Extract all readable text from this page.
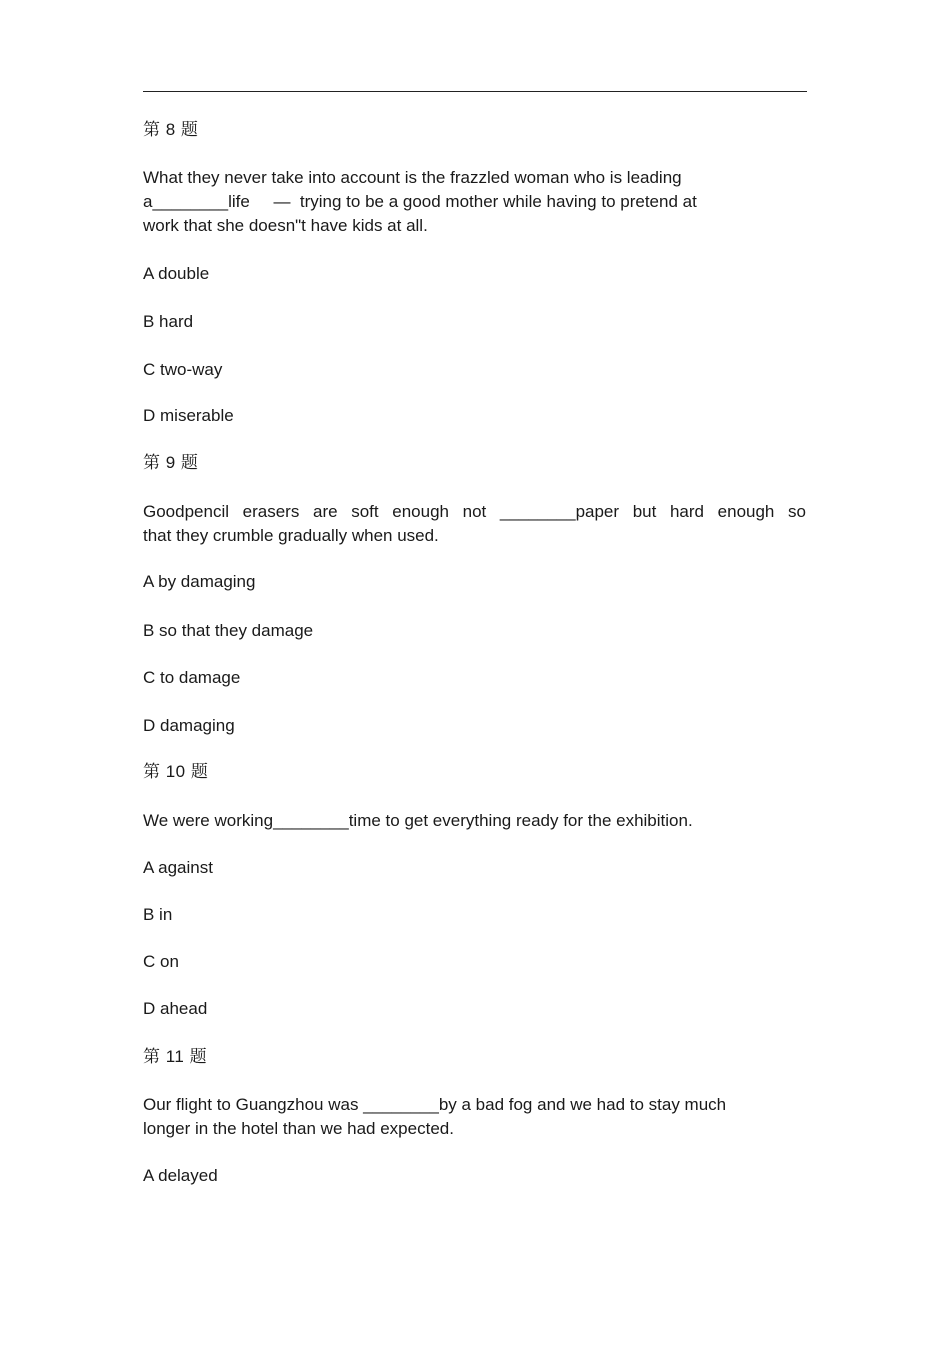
第 8 题
What they never take into account is the frazzled woman who is leading
a________life     —  trying to be a good mother while having to pretend at
work that she doesn"t have kids at all.
A double
B hard
C two-way
D miserable
第 9 题
Goodpencil erasers are soft enough not ________paper but hard enough so
that they crumble gradually when used.
A by damaging
B so that they damage
C to damage
D damaging
第 10 题
We were working________time to get everything ready for the exhibition.
A against
B in
C on
D ahead
第 11 题
Our flight to Guangzhou was ________by a bad fog and we had to stay much
longer in the hotel than we had expected.
A delayed
